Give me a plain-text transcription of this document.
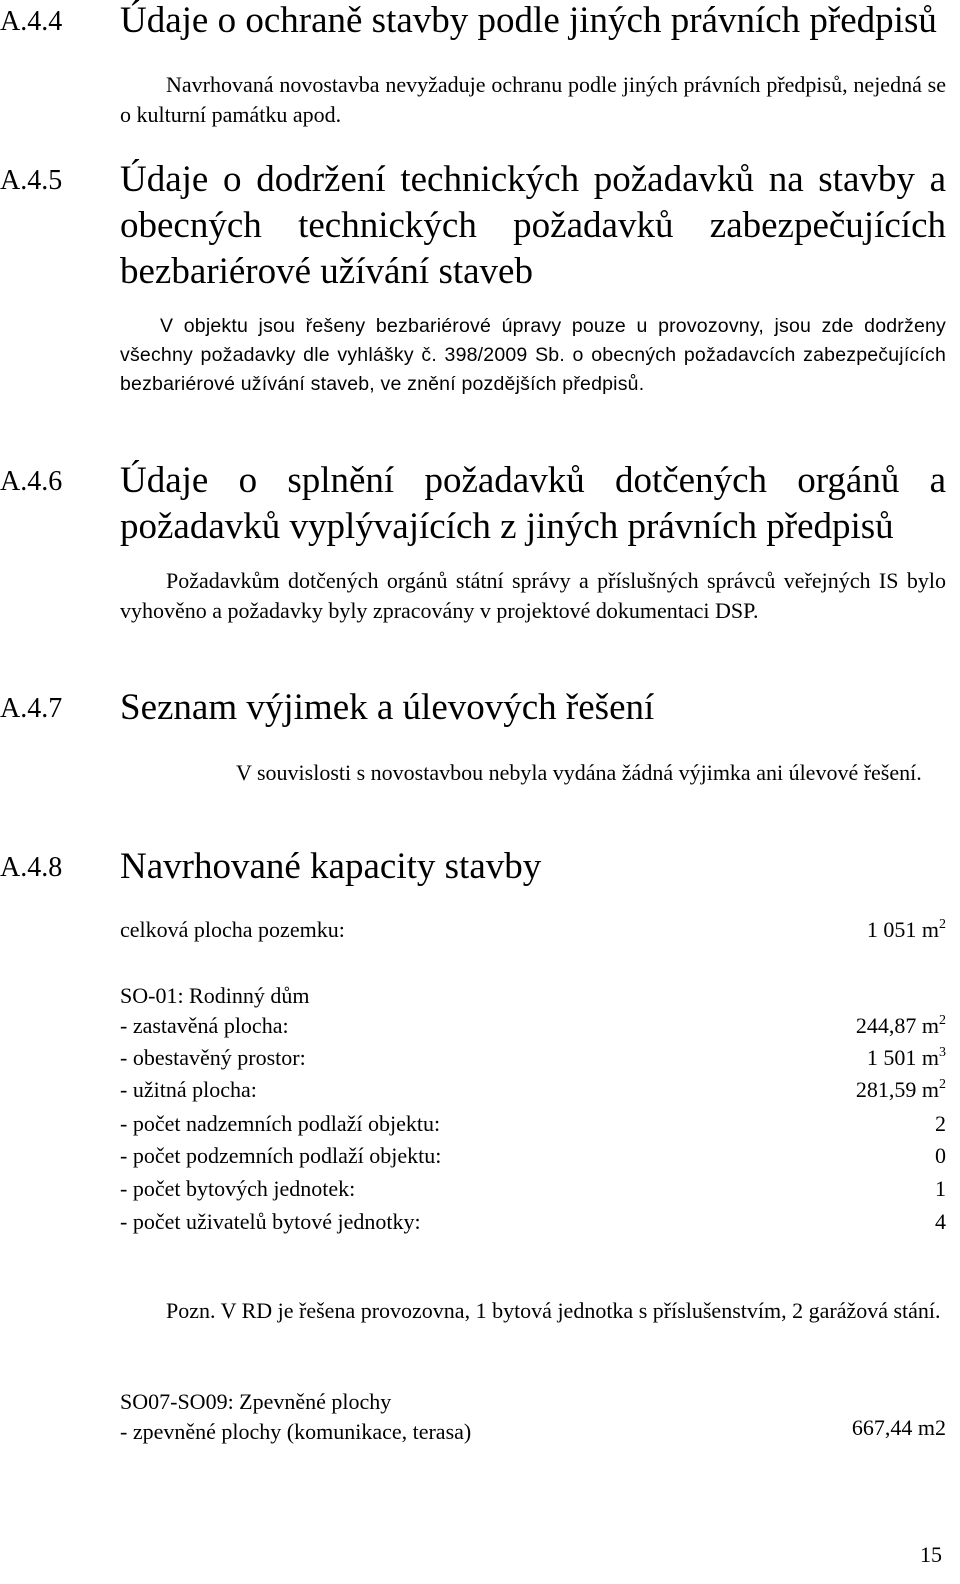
A.4.4 Údaje o ochraně stavby podle jiných právních předpisů
Navrhovaná novostavba nevyžaduje ochranu podle jiných právních předpisů, nejedná se o kulturní památku apod.
A.4.5 Údaje o dodržení technických požadavků na stavby a obecných technických požadavků zabezpečujících bezbariérové užívání staveb
V objektu jsou řešeny bezbariérové úpravy pouze u provozovny, jsou zde dodrženy všechny požadavky dle vyhlášky č. 398/2009 Sb. o obecných požadavcích zabezpečujících bezbariérové užívání staveb, ve znění pozdějších předpisů.
A.4.6 Údaje o splnění požadavků dotčených orgánů a požadavků vyplývajících z jiných právních předpisů
Požadavkům dotčených orgánů státní správy a příslušných správců veřejných IS bylo vyhověno a požadavky byly zpracovány v projektové dokumentaci DSP.
A.4.7 Seznam výjimek a úlevových řešení
V souvislosti s novostavbou nebyla vydána žádná výjimka ani úlevové řešení.
A.4.8 Navrhované kapacity stavby
celková plocha pozemku:	1 051 $m^2$
SO-01: Rodinný dům
- zastavěná plocha:	244,87 $m^2$
- obestavěný prostor:	1 501 $m^3$
- užitná plocha:	281,59 $m^2$
- počet nadzemních podlaží objektu:	2
- počet podzemních podlaží objektu:	0
- počet bytových jednotek:	1
- počet uživatelů bytové jednotky:	4
Pozn. V RD je řešena provozovna, 1 bytová jednotka s příslušenstvím, 2 garážová stání.
SO07-SO09: Zpevněné plochy
- zpevněné plochy (komunikace, terasa)	667,44 m2
15
